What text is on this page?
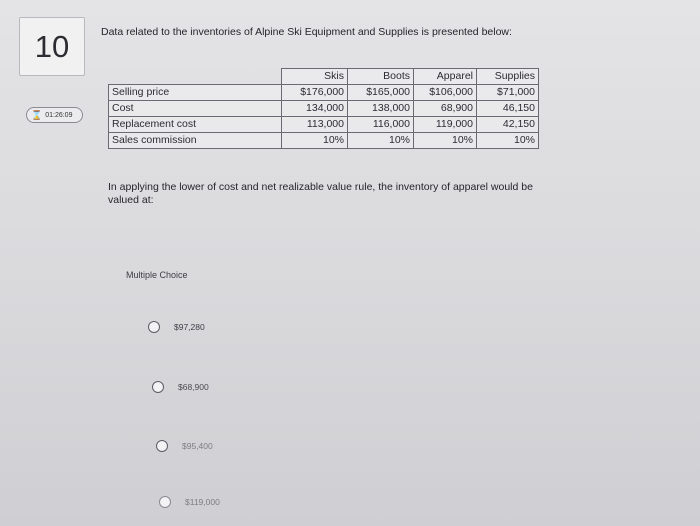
10
⌛ 01:26:09
Data related to the inventories of Alpine Ski Equipment and Supplies is presented below:
	Skis	Boots	Apparel	Supplies
Selling price	$176,000	$165,000	$106,000	$71,000
Cost	134,000	138,000	68,900	46,150
Replacement cost	113,000	116,000	119,000	42,150
Sales commission	10%	10%	10%	10%
In applying the lower of cost and net realizable value rule, the inventory of apparel would be valued at:
Multiple Choice
$97,280
$68,900
$95,400
$119,000
